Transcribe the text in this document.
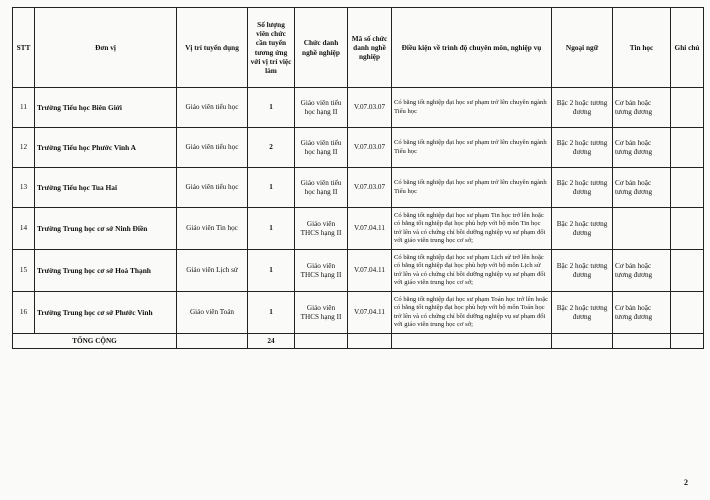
STT	Đơn vị	Vị trí tuyển dụng	Số lượng viên chức cần tuyển tương ứng với vị trí việc làm	Chức danh nghề nghiệp	Mã số chức danh nghề nghiệp	Điều kiện về trình độ chuyên môn, nghiệp vụ	Ngoại ngữ	Tin học	Ghi chú
11	Trường Tiểu học Biên Giới	Giáo viên tiểu học	1	Giáo viên tiểu học hạng II	V.07.03.07	Có bằng tốt nghiệp đại học sư phạm trở lên chuyên ngành Tiểu học	Bậc 2 hoặc tương đương	Cơ bản hoặc tương đương	
12	Trường Tiểu học Phước Vinh A	Giáo viên tiểu học	2	Giáo viên tiểu học hạng II	V.07.03.07	Có bằng tốt nghiệp đại học sư phạm trở lên chuyên ngành Tiểu học	Bậc 2 hoặc tương đương	Cơ bản hoặc tương đương	
13	Trường Tiểu học Tua Hai	Giáo viên tiểu học	1	Giáo viên tiểu học hạng II	V.07.03.07	Có bằng tốt nghiệp đại học sư phạm trở lên chuyên ngành Tiểu học	Bậc 2 hoặc tương đương	Cơ bản hoặc tương đương	
14	Trường Trung học cơ sở Ninh Điền	Giáo viên Tin học	1	Giáo viên THCS hạng II	V.07.04.11	Có bằng tốt nghiệp đại học sư phạm Tin học trở lên hoặc có bằng tốt nghiệp đại học phù hợp với bộ môn Tin học trở lên và có chứng chỉ bồi dưỡng nghiệp vụ sư phạm đối với giáo viên trung học cơ sở;	Bậc 2 hoặc tương đương		
15	Trường Trung học cơ sở Hoà Thạnh	Giáo viên Lịch sử	1	Giáo viên THCS hạng II	V.07.04.11	Có bằng tốt nghiệp đại học sư phạm Lịch sử trở lên hoặc có bằng tốt nghiệp đại học phù hợp với bộ môn Lịch sử trở lên và có chứng chỉ bồi dưỡng nghiệp vụ sư phạm đối với giáo viên trung học cơ sở;	Bậc 2 hoặc tương đương	Cơ bản hoặc tương đương	
16	Trường Trung học cơ sở Phước Vinh	Giáo viên Toán	1	Giáo viên THCS hạng II	V.07.04.11	Có bằng tốt nghiệp đại học sư phạm Toán học trở lên hoặc có bằng tốt nghiệp đại học phù hợp với bộ môn Toán học trở lên và có chứng chỉ bồi dưỡng nghiệp vụ sư phạm đối với giáo viên trung học cơ sở;	Bậc 2 hoặc tương đương	Cơ bản hoặc tương đương	
TỔNG CỘNG			24						
2
